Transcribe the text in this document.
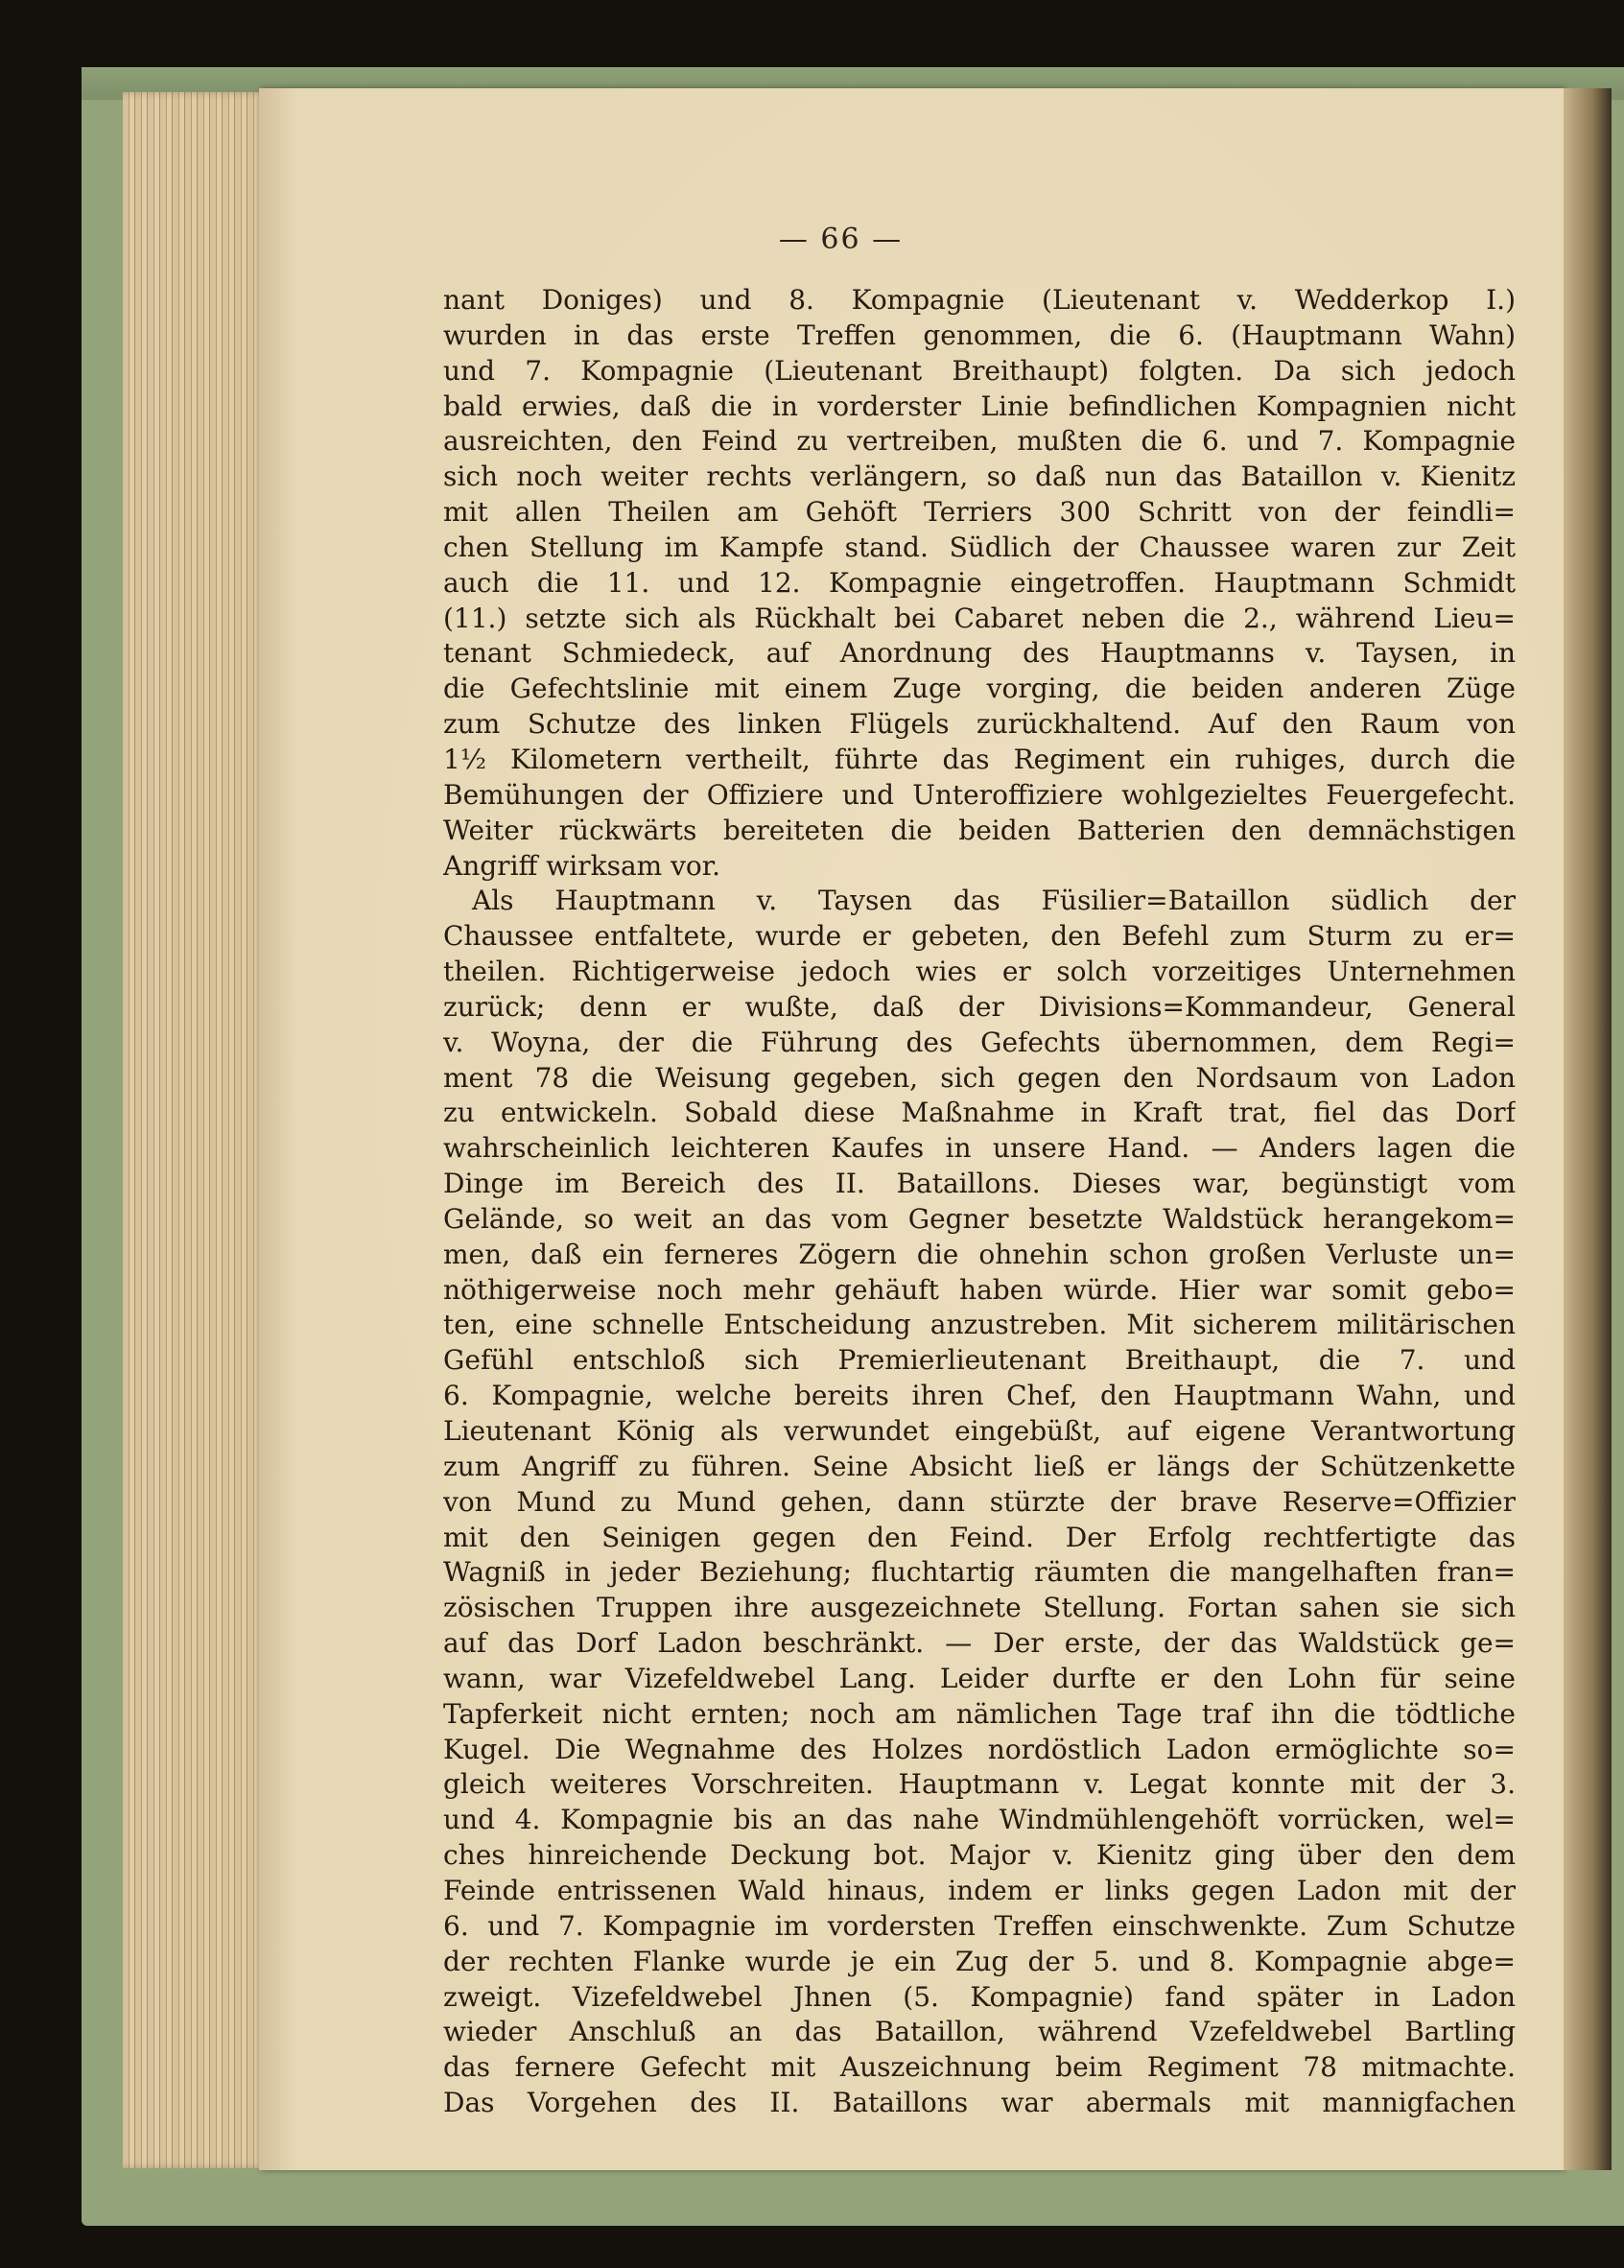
— 66 —
nant Doniges) und 8. Kompagnie (Lieutenant v. Wedderkop I.)
wurden in das erste Treffen genommen, die 6. (Hauptmann Wahn)
und 7. Kompagnie (Lieutenant Breithaupt) folgten. Da sich jedoch
bald erwies, daß die in vorderster Linie befindlichen Kompagnien nicht
ausreichten, den Feind zu vertreiben, mußten die 6. und 7. Kompagnie
sich noch weiter rechts verlängern, so daß nun das Bataillon v. Kienitz
mit allen Theilen am Gehöft Terriers 300 Schritt von der feindli=
chen Stellung im Kampfe stand. Südlich der Chaussee waren zur Zeit
auch die 11. und 12. Kompagnie eingetroffen. Hauptmann Schmidt
(11.) setzte sich als Rückhalt bei Cabaret neben die 2., während Lieu=
tenant Schmiedeck, auf Anordnung des Hauptmanns v. Taysen, in
die Gefechtslinie mit einem Zuge vorging, die beiden anderen Züge
zum Schutze des linken Flügels zurückhaltend. Auf den Raum von
1½ Kilometern vertheilt, führte das Regiment ein ruhiges, durch die
Bemühungen der Offiziere und Unteroffiziere wohlgezieltes Feuergefecht.
Weiter rückwärts bereiteten die beiden Batterien den demnächstigen
Angriff wirksam vor.
Als Hauptmann v. Taysen das Füsilier=Bataillon südlich der
Chaussee entfaltete, wurde er gebeten, den Befehl zum Sturm zu er=
theilen. Richtigerweise jedoch wies er solch vorzeitiges Unternehmen
zurück; denn er wußte, daß der Divisions=Kommandeur, General
v. Woyna, der die Führung des Gefechts übernommen, dem Regi=
ment 78 die Weisung gegeben, sich gegen den Nordsaum von Ladon
zu entwickeln. Sobald diese Maßnahme in Kraft trat, fiel das Dorf
wahrscheinlich leichteren Kaufes in unsere Hand. — Anders lagen die
Dinge im Bereich des II. Bataillons. Dieses war, begünstigt vom
Gelände, so weit an das vom Gegner besetzte Waldstück herangekom=
men, daß ein ferneres Zögern die ohnehin schon großen Verluste un=
nöthigerweise noch mehr gehäuft haben würde. Hier war somit gebo=
ten, eine schnelle Entscheidung anzustreben. Mit sicherem militärischen
Gefühl entschloß sich Premierlieutenant Breithaupt, die 7. und
6. Kompagnie, welche bereits ihren Chef, den Hauptmann Wahn, und
Lieutenant König als verwundet eingebüßt, auf eigene Verantwortung
zum Angriff zu führen. Seine Absicht ließ er längs der Schützenkette
von Mund zu Mund gehen, dann stürzte der brave Reserve=Offizier
mit den Seinigen gegen den Feind. Der Erfolg rechtfertigte das
Wagniß in jeder Beziehung; fluchtartig räumten die mangelhaften fran=
zösischen Truppen ihre ausgezeichnete Stellung. Fortan sahen sie sich
auf das Dorf Ladon beschränkt. — Der erste, der das Waldstück ge=
wann, war Vizefeldwebel Lang. Leider durfte er den Lohn für seine
Tapferkeit nicht ernten; noch am nämlichen Tage traf ihn die tödtliche
Kugel. Die Wegnahme des Holzes nordöstlich Ladon ermöglichte so=
gleich weiteres Vorschreiten. Hauptmann v. Legat konnte mit der 3.
und 4. Kompagnie bis an das nahe Windmühlengehöft vorrücken, wel=
ches hinreichende Deckung bot. Major v. Kienitz ging über den dem
Feinde entrissenen Wald hinaus, indem er links gegen Ladon mit der
6. und 7. Kompagnie im vordersten Treffen einschwenkte. Zum Schutze
der rechten Flanke wurde je ein Zug der 5. und 8. Kompagnie abge=
zweigt. Vizefeldwebel Jhnen (5. Kompagnie) fand später in Ladon
wieder Anschluß an das Bataillon, während Vzefeldwebel Bartling
das fernere Gefecht mit Auszeichnung beim Regiment 78 mitmachte.
Das Vorgehen des II. Bataillons war abermals mit mannigfachen
